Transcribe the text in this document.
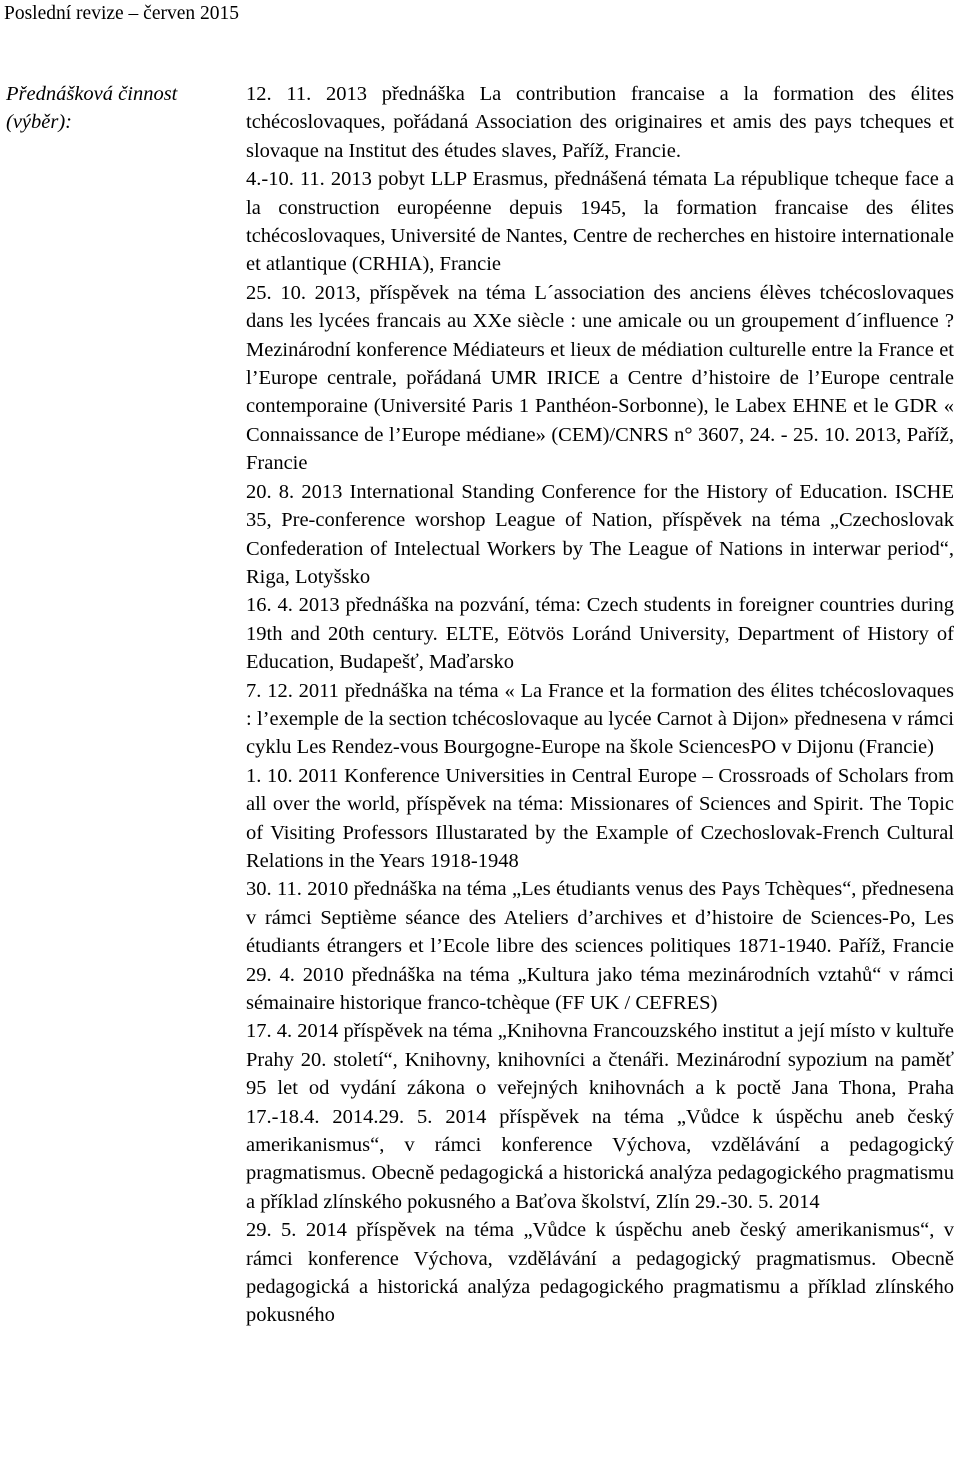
Poslední revize – červen 2015
Přednášková činnost (výběr):

12. 11. 2013 přednáška La contribution francaise a la formation des élites tchécoslovaques, pořádaná Association des originaires et amis des pays tcheques et slovaque na Institut des études slaves, Paříž, Francie.

4.-10. 11. 2013 pobyt LLP Erasmus, přednášená témata La république tcheque face a la construction européenne depuis 1945, la formation francaise des élites tchécoslovaques, Université de Nantes, Centre de recherches en histoire internationale et atlantique (CRHIA), Francie

25. 10. 2013, příspěvek na téma L´association des anciens élèves tchécoslovaques dans les lycées francais au XXe siècle : une amicale ou un groupement d´influence ? Mezinárodní konference Médiateurs et lieux de médiation culturelle entre la France et l’Europe centrale, pořádaná UMR IRICE a Centre d’histoire de l’Europe centrale contemporaine (Université Paris 1 Panthéon-Sorbonne), le Labex EHNE et le GDR « Connaissance de l’Europe médiane» (CEM)/CNRS n° 3607, 24. - 25. 10. 2013, Paříž, Francie

20. 8. 2013 International Standing Conference for the History of Education. ISCHE 35, Pre-conference worshop League of Nation, příspěvek na téma „Czechoslovak Confederation of Intelectual Workers by The League of Nations in interwar period“, Riga, Lotyšsko

16. 4. 2013 přednáška na pozvání, téma: Czech students in foreigner countries during 19th and 20th century. ELTE, Eötvös Loránd University, Department of History of Education, Budapešť, Maďarsko

7. 12. 2011 přednáška na téma « La France et la formation des élites tchécoslovaques : l’exemple de la section tchécoslovaque au lycée Carnot à Dijon» přednesena v rámci cyklu Les Rendez-vous Bourgogne-Europe na škole SciencesPO v Dijonu (Francie)

1. 10. 2011 Konference Universities in Central Europe – Crossroads of Scholars from all over the world, příspěvek na téma: Missionares of Sciences and Spirit. The Topic of Visiting Professors Illustarated by the Example of Czechoslovak-French Cultural Relations in the Years 1918-1948

30. 11. 2010 přednáška na téma „Les étudiants venus des Pays Tchèques“, přednesena v rámci Septième séance des Ateliers d’archives et d’histoire de Sciences-Po, Les étudiants étrangers et l’Ecole libre des sciences politiques 1871-1940. Paříž, Francie 29. 4. 2010 přednáška na téma „Kultura jako téma mezinárodních vztahů“ v rámci sémainaire historique franco-tchèque (FF UK / CEFRES)

17. 4. 2014 příspěvek na téma „Knihovna Francouzského institut a její místo v kultuře Prahy 20. století“, Knihovny, knihovníci a čtenáři. Mezinárodní sypozium na paměť 95 let od vydání zákona o veřejných knihovnách a k poctě Jana Thona, Praha 17.-18.4. 2014.29. 5. 2014 příspěvek na téma „Vůdce k úspěchu aneb český amerikanismus“, v rámci konference Výchova, vzdělávání a pedagogický pragmatismus. Obecně pedagogická a historická analýza pedagogického pragmatismu a příklad zlínského pokusného a Baťova školství, Zlín 29.-30. 5. 2014

29. 5. 2014 příspěvek na téma „Vůdce k úspěchu aneb český amerikanismus“, v rámci konference Výchova, vzdělávání a pedagogický pragmatismus. Obecně pedagogická a historická analýza pedagogického pragmatismu a příklad zlínského pokusného
